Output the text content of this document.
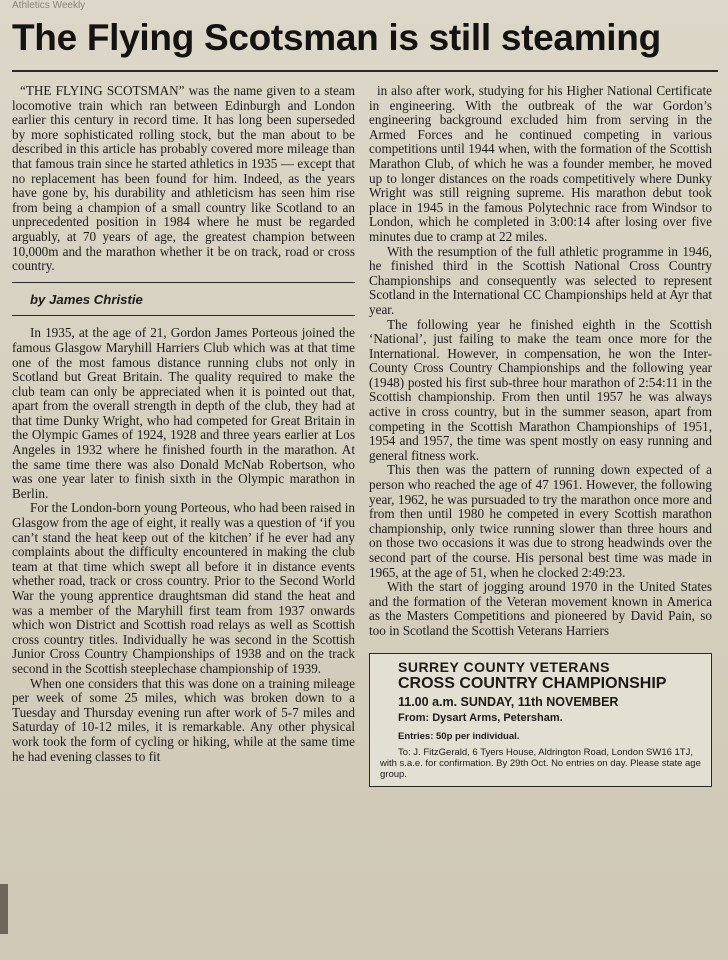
Athletics Weekly
The Flying Scotsman is still steaming

“THE FLYING SCOTSMAN” was the name given to a steam locomotive train which ran between Edinburgh and London earlier this century in record time. It has long been superseded by more sophisticated rolling stock, but the man about to be described in this article has probably covered more mileage than that famous train since he started athletics in 1935 — except that no replacement has been found for him. Indeed, as the years have gone by, his durability and athleticism has seen him rise from being a champion of a small country like Scotland to an unprecedented position in 1984 where he must be regarded arguably, at 70 years of age, the greatest champion between 10,000m and the marathon whether it be on track, road or cross country.

by James Christie

In 1935, at the age of 21, Gordon James Porteous joined the famous Glasgow Maryhill Harriers Club which was at that time one of the most famous distance running clubs not only in Scotland but Great Britain. The quality required to make the club team can only be appreciated when it is pointed out that, apart from the overall strength in depth of the club, they had at that time Dunky Wright, who had competed for Great Britain in the Olympic Games of 1924, 1928 and three years earlier at Los Angeles in 1932 where he finished fourth in the marathon. At the same time there was also Donald McNab Robertson, who was one year later to finish sixth in the Olympic marathon in Berlin.

For the London-born young Porteous, who had been raised in Glasgow from the age of eight, it really was a question of ‘if you can’t stand the heat keep out of the kitchen’ if he ever had any complaints about the difficulty encountered in making the club team at that time which swept all before it in distance events whether road, track or cross country. Prior to the Second World War the young apprentice draughtsman did stand the heat and was a member of the Maryhill first team from 1937 onwards which won District and Scottish road relays as well as Scottish cross country titles. Individually he was second in the Scottish Junior Cross Country Championships of 1938 and on the track second in the Scottish steeplechase championship of 1939.

When one considers that this was done on a training mileage per week of some 25 miles, which was broken down to a Tuesday and Thursday evening run after work of 5-7 miles and Saturday of 10-12 miles, it is remarkable. Any other physical work took the form of cycling or hiking, while at the same time he had evening classes to fit

in also after work, studying for his Higher National Certificate in engineering. With the outbreak of the war Gordon’s engineering background excluded him from serving in the Armed Forces and he continued competing in various competitions until 1944 when, with the formation of the Scottish Marathon Club, of which he was a founder member, he moved up to longer distances on the roads competitively where Dunky Wright was still reigning supreme. His marathon debut took place in 1945 in the famous Polytechnic race from Windsor to London, which he completed in 3:00:14 after losing over five minutes due to cramp at 22 miles.

With the resumption of the full athletic programme in 1946, he finished third in the Scottish National Cross Country Championships and consequently was selected to represent Scotland in the International CC Championships held at Ayr that year.

The following year he finished eighth in the Scottish ‘National’, just failing to make the team once more for the International. However, in compensation, he won the Inter-County Cross Country Championships and the following year (1948) posted his first sub-three hour marathon of 2:54:11 in the Scottish championship. From then until 1957 he was always active in cross country, but in the summer season, apart from competing in the Scottish Marathon Championships of 1951, 1954 and 1957, the time was spent mostly on easy running and general fitness work.

This then was the pattern of running down expected of a person who reached the age of 47 1961. However, the following year, 1962, he was pursuaded to try the marathon once more and from then until 1980 he competed in every Scottish marathon championship, only twice running slower than three hours and on those two occasions it was due to strong headwinds over the second part of the course. His personal best time was made in 1965, at the age of 51, when he clocked 2:49:23.

With the start of jogging around 1970 in the United States and the formation of the Veteran movement known in America as the Masters Competitions and pioneered by David Pain, so too in Scotland the Scottish Veterans Harriers

SURREY COUNTY VETERANS

CROSS COUNTRY CHAMPIONSHIP

11.00 a.m. SUNDAY, 11th NOVEMBER

From: Dysart Arms, Petersham.

Entries: 50p per individual.

To: J. FitzGerald, 6 Tyers House, Aldrington Road, London SW16 1TJ, with s.a.e. for confirmation. By 29th Oct. No entries on day. Please state age group.
